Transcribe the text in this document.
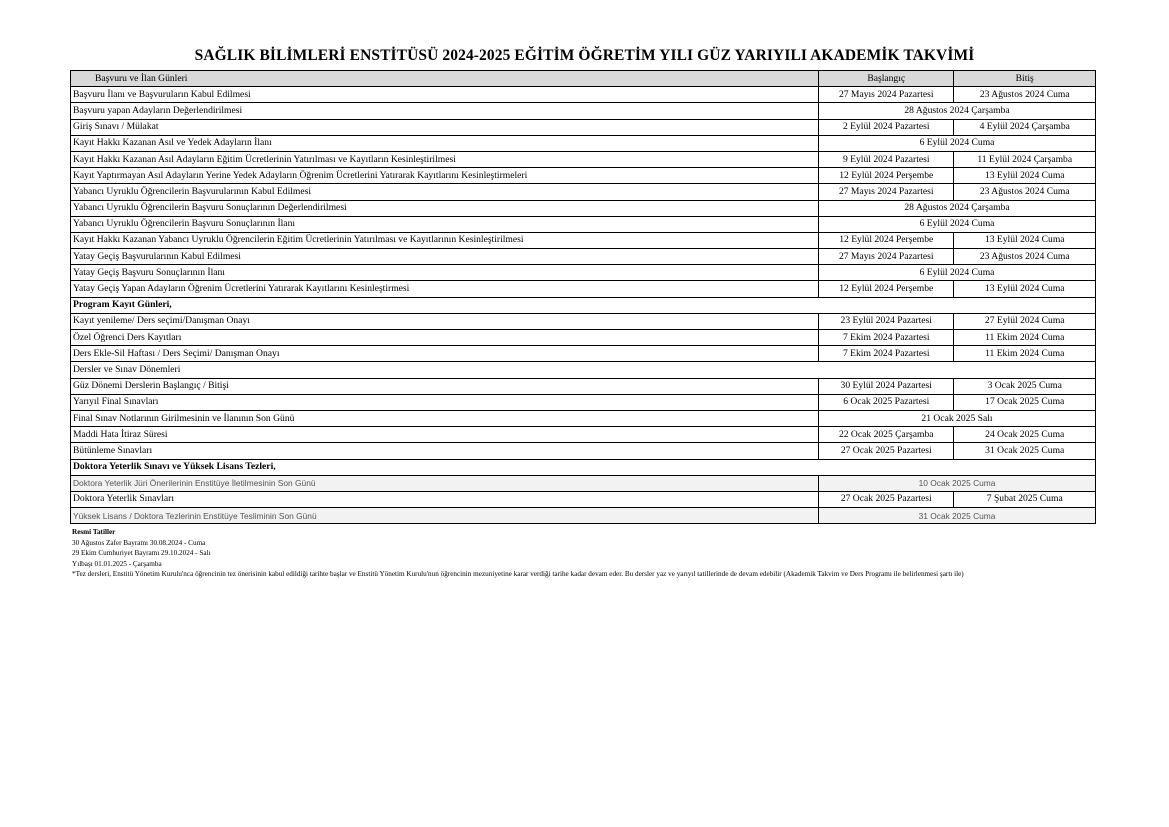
SAĞLIK BİLİMLERİ ENSTİTÜSÜ 2024-2025 EĞİTİM ÖĞRETİM YILI GÜZ YARIYILI AKADEMİK TAKVİMİ
Başvuru ve İlan Günleri	Başlangıç	Bitiş
Başvuru İlanı ve Başvuruların Kabul Edilmesi	27 Mayıs 2024 Pazartesi	23 Ağustos 2024 Cuma
Başvuru yapan Adayların Değerlendirilmesi	28 Ağustos 2024 Çarşamba	
Giriş Sınavı / Mülakat	2 Eylül 2024 Pazartesi	4 Eylül 2024 Çarşamba
Kayıt Hakkı Kazanan Asıl ve Yedek Adayların İlanı	6 Eylül 2024 Cuma	
Kayıt Hakkı Kazanan Asıl Adayların Eğitim Ücretlerinin Yatırılması ve Kayıtların Kesinleştirilmesi	9 Eylül 2024 Pazartesi	11 Eylül 2024 Çarşamba
Kayıt Yaptırmayan Asıl Adayların Yerine Yedek Adayların Öğrenim Ücretlerini Yatırarak Kayıtlarını Kesinleştirmeleri	12 Eylül 2024 Perşembe	13 Eylül 2024 Cuma
Yabancı Uyruklu Öğrencilerin Başvurularının Kabul Edilmesi	27 Mayıs 2024 Pazartesi	23 Ağustos 2024 Cuma
Yabancı Uyruklu Öğrencilerin Başvuru Sonuçlarının Değerlendirilmesi	28 Ağustos 2024 Çarşamba	
Yabancı Uyruklu Öğrencilerin Başvuru Sonuçlarının İlanı	6 Eylül 2024 Cuma	
Kayıt Hakkı Kazanan Yabancı Uyruklu Öğrencilerin Eğitim Ücretlerinin Yatırılması ve Kayıtlarının Kesinleştirilmesi	12 Eylül 2024 Perşembe	13 Eylül 2024 Cuma
Yatay Geçiş Başvurularının Kabul Edilmesi	27 Mayıs 2024 Pazartesi	23 Ağustos 2024 Cuma
Yatay Geçiş Başvuru Sonuçlarının İlanı	6 Eylül 2024 Cuma	
Yatay Geçiş Yapan Adayların Öğrenim Ücretlerini Yatırarak Kayıtlarını Kesinleştirmesi	12 Eylül 2024 Perşembe	13 Eylül 2024 Cuma
Program Kayıt Günleri,		
Kayıt yenileme/ Ders seçimi/Danışman Onayı	23 Eylül 2024 Pazartesi	27 Eylül 2024 Cuma
Özel Öğrenci Ders Kayıtları	7 Ekim 2024 Pazartesi	11 Ekim 2024 Cuma
Ders Ekle-Sil Haftası / Ders Seçimi/ Danışman Onayı	7 Ekim 2024 Pazartesi	11 Ekim 2024 Cuma
Dersler ve Sınav Dönemleri		
Güz Dönemi Derslerin Başlangıç / Bitişi	30 Eylül 2024 Pazartesi	3 Ocak 2025 Cuma
Yarıyıl Final Sınavları	6 Ocak 2025 Pazartesi	17 Ocak 2025 Cuma
Final Sınav Notlarının Girilmesinin ve İlanının Son Günü	21 Ocak 2025 Salı	
Maddi Hata İtiraz Süresi	22 Ocak 2025 Çarşamba	24 Ocak 2025 Cuma
Bütünleme Sınavları	27 Ocak 2025 Pazartesi	31 Ocak 2025 Cuma
Doktora Yeterlik Sınavı ve Yüksek Lisans Tezleri,		
Doktora Yeterlik Jüri Önerilerinin Enstitüye İletilmesinin Son Günü	10 Ocak 2025 Cuma	
Doktora Yeterlik Sınavları	27 Ocak 2025 Pazartesi	7 Şubat 2025 Cuma
Yüksek Lisans / Doktora Tezlerinin Enstitüye Tesliminin Son Günü	31 Ocak 2025 Cuma	
Resmi Tatiller
30 Ağustos Zafer Bayramı 30.08.2024 - Cuma
29 Ekim Cumhuriyet Bayramı 29.10.2024 - Salı
Yılbaşı 01.01.2025 - Çarşamba
*Tez dersleri, Enstitü Yönetim Kurulu'nca öğrencinin tez önerisinin kabul edildiği tarihte başlar ve Enstitü Yönetim Kurulu'nun öğrencinin mezuniyetine karar verdiği tarihe kadar devam eder. Bu dersler yaz ve yarıyıl tatillerinde de devam edebilir (Akademik Takvim ve Ders Programı ile belirlenmesi şartı ile)
